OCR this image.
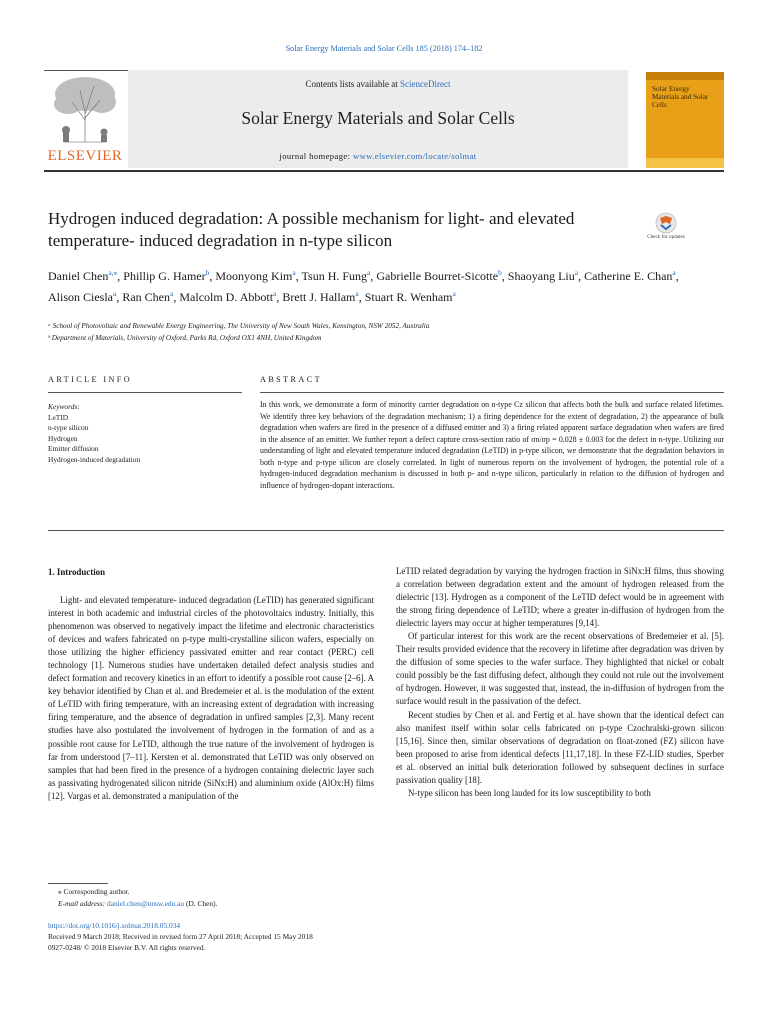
Solar Energy Materials and Solar Cells 185 (2018) 174–182
Contents lists available at ScienceDirect
Solar Energy Materials and Solar Cells
journal homepage: www.elsevier.com/locate/solmat
ELSEVIER
Solar Energy Materials and Solar Cells
Hydrogen induced degradation: A possible mechanism for light- and elevated temperature- induced degradation in n-type silicon	Check for updates
Daniel Chen$^{a,⁎}$, Phillip G. Hamer$^b$, Moonyong Kim$^a$, Tsun H. Fung$^a$, Gabrielle Bourret-Sicotte$^b$, Shaoyang Liu$^a$, Catherine E. Chan$^a$, Alison Ciesla$^a$, Ran Chen$^a$, Malcolm D. Abbott$^a$, Brett J. Hallam$^a$, Stuart R. Wenham$^a$
ᵃ School of Photovoltaic and Renewable Energy Engineering, The University of New South Wales, Kensington, NSW 2052, Australia
ᵇ Department of Materials, University of Oxford, Parks Rd, Oxford OX1 4NH, United Kingdom
ARTICLE INFO	ABSTRACT
Keywords:
LeTID
n-type silicon
Hydrogen
Emitter diffusion
Hydrogen-induced degradation
In this work, we demonstrate a form of minority carrier degradation on n-type Cz silicon that affects both the bulk and surface related lifetimes. We identify three key behaviors of the degradation mechanism; 1) a firing dependence for the extent of degradation, 2) the appearance of bulk degradation when wafers are fired in the presence of a diffused emitter and 3) a firing related apparent surface degradation when wafers are fired in the absence of an emitter. We further report a defect capture cross-section ratio of σn/σp = 0.028 ± 0.003 for the defect in n-type. Utilizing our understanding of light and elevated temperature induced degradation (LeTID) in p-type silicon, we demonstrate that the degradation behaviors in both n-type and p-type silicon are closely correlated. In light of numerous reports on the involvement of hydrogen, the potential role of a hydrogen-induced degradation mechanism is discussed in both p- and n-type silicon, particularly in relation to the diffusion of hydrogen and influence of hydrogen-dopant interactions.
1. Introduction

Light- and elevated temperature- induced degradation (LeTID) has generated significant interest in both academic and industrial circles of the photovoltaics industry. Initially, this phenomenon was observed to negatively impact the lifetime and electronic characteristics of devices and wafers fabricated on p-type multi-crystalline silicon wafers, especially on those utilizing the higher efficiency passivated emitter and rear contact (PERC) cell technology [1]. Numerous studies have undertaken detailed defect analysis studies and defect formation and recovery kinetics in an effort to identify a possible root cause [2–6]. A key behavior identified by Chan et al. and Bredemeier et al. is the modulation of the extent of LeTID with firing temperature, with an increasing extent of degradation with increasing firing temperature, and the absence of degradation in unfired samples [2,3]. Many recent studies have also postulated the involvement of hydrogen in the formation of and as a possible root cause for LeTID, although the true nature of the involvement of hydrogen is far from understood [7–11]. Kersten et al. demonstrated that LeTID was only observed on samples that had been fired in the presence of a hydrogen containing dielectric layer such as passivating hydrogenated silicon nitride (SiNx:H) and aluminium oxide (AlOx:H) films [12]. Vargas et al. demonstrated a manipulation of the

LeTID related degradation by varying the hydrogen fraction in SiNx:H films, thus showing a correlation between degradation extent and the amount of hydrogen released from the dielectric [13]. Hydrogen as a component of the LeTID defect would be in agreement with the strong firing dependence of LeTID; where a greater in-diffusion of hydrogen from the dielectric layers may occur at higher temperatures [9,14].

Of particular interest for this work are the recent observations of Bredemeier et al. [5]. Their results provided evidence that the recovery in lifetime after degradation was driven by the diffusion of some species to the wafer surface. They highlighted that nickel or cobalt could possibly be the fast diffusing defect, although they could not rule out the involvement of hydrogen. However, it was suggested that, instead, the in-diffusion of hydrogen from the surface would result in the passivation of the defect.

Recent studies by Chen et al. and Fertig et al. have shown that the identical defect can also manifest itself within solar cells fabricated on p-type Czochralski-grown silicon [15,16]. Since then, similar observations of degradation on float-zoned (FZ) silicon have been proposed to arise from identical defects [11,17,18]. In these FZ-LID studies, Sperber et al. observed an initial bulk deterioration followed by subsequent declines in surface passivation quality [18].

N-type silicon has been long lauded for its low susceptibility to both

⁎ Corresponding author.
E-mail address: daniel.chen@unsw.edu.au (D. Chen).
https://doi.org/10.1016/j.solmat.2018.05.034
Received 9 March 2018; Received in revised form 27 April 2018; Accepted 15 May 2018
0927-0248/ © 2018 Elsevier B.V. All rights reserved.
